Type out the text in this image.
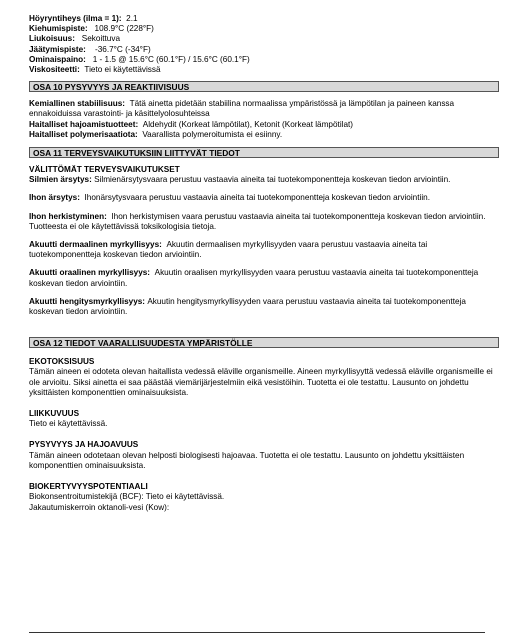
Höyryntiheys (ilma = 1): 2.1

Kiehumispiste: 108.9°C (228°F)

Liukoisuus: Sekoittuva

Jäätymispiste: -36.7°C (-34°F)

Ominaispaino: 1 - 1.5 @ 15.6°C (60.1°F) / 15.6°C (60.1°F)

Viskositeetti: Tieto ei käytettävissä

OSA 10 PYSYVYYS JA REAKTIIVISUUS

Kemiallinen stabiilisuus: Tätä ainetta pidetään stabiilina normaalissa ympäristössä ja lämpötilan ja paineen kanssa ennakoiduissa varastointi- ja käsittelyolosuhteissa

Haitalliset hajoamistuotteet: Aldehydit (Korkeat lämpötilat), Ketonit (Korkeat lämpötilat)

Haitalliset polymerisaatiota: Vaarallista polymeroitumista ei esiinny.

OSA 11 TERVEYSVAIKUTUKSIIN LIITTYVÄT TIEDOT

VÄLITTÖMÄT TERVEYSVAIKUTUKSET

Silmien ärsytys: Silmienärsytysvaara perustuu vastaavia aineita tai tuotekomponentteja koskevan tiedon arviointiin.

Ihon ärsytys: Ihonärsytysvaara perustuu vastaavia aineita tai tuotekomponentteja koskevan tiedon arviointiin.

Ihon herkistyminen: Ihon herkistymisen vaara perustuu vastaavia aineita tai tuotekomponentteja koskevan tiedon arviointiin. Tuotteesta ei ole käytettävissä toksikologisia tietoja.

Akuutti dermaalinen myrkyllisyys: Akuutin dermaalisen myrkyllisyyden vaara perustuu vastaavia aineita tai tuotekomponentteja koskevan tiedon arviointiin.

Akuutti oraalinen myrkyllisyys: Akuutin oraalisen myrkyllisyyden vaara perustuu vastaavia aineita tai tuotekomponentteja koskevan tiedon arviointiin.

Akuutti hengitysmyrkyllisyys: Akuutin hengitysmyrkyllisyyden vaara perustuu vastaavia aineita tai tuotekomponentteja koskevan tiedon arviointiin.

OSA 12 TIEDOT VAARALLISUUDESTA YMPÄRISTÖLLE

EKOTOKSISUUS

Tämän aineen ei odoteta olevan haitallista vedessä eläville organismeille. Aineen myrkyllisyyttä vedessä eläville organismeille ei ole arvioitu. Siksi ainetta ei saa päästää viemärijärjestelmiin eikä vesistöihin. Tuotetta ei ole testattu. Lausunto on johdettu yksittäisten komponenttien ominaisuuksista.

LIIKKUVUUS

Tieto ei käytettävissä.

PYSYVYYS JA HAJOAVUUS

Tämän aineen odotetaan olevan helposti biologisesti hajoavaa. Tuotetta ei ole testattu. Lausunto on johdettu yksittäisten komponenttien ominaisuuksista.

BIOKERTYVYYSPOTENTIAALI

Biokonsentroitumistekijä (BCF): Tieto ei käytettävissä.

Jakautumiskerroin oktanoli-vesi (Kow):
